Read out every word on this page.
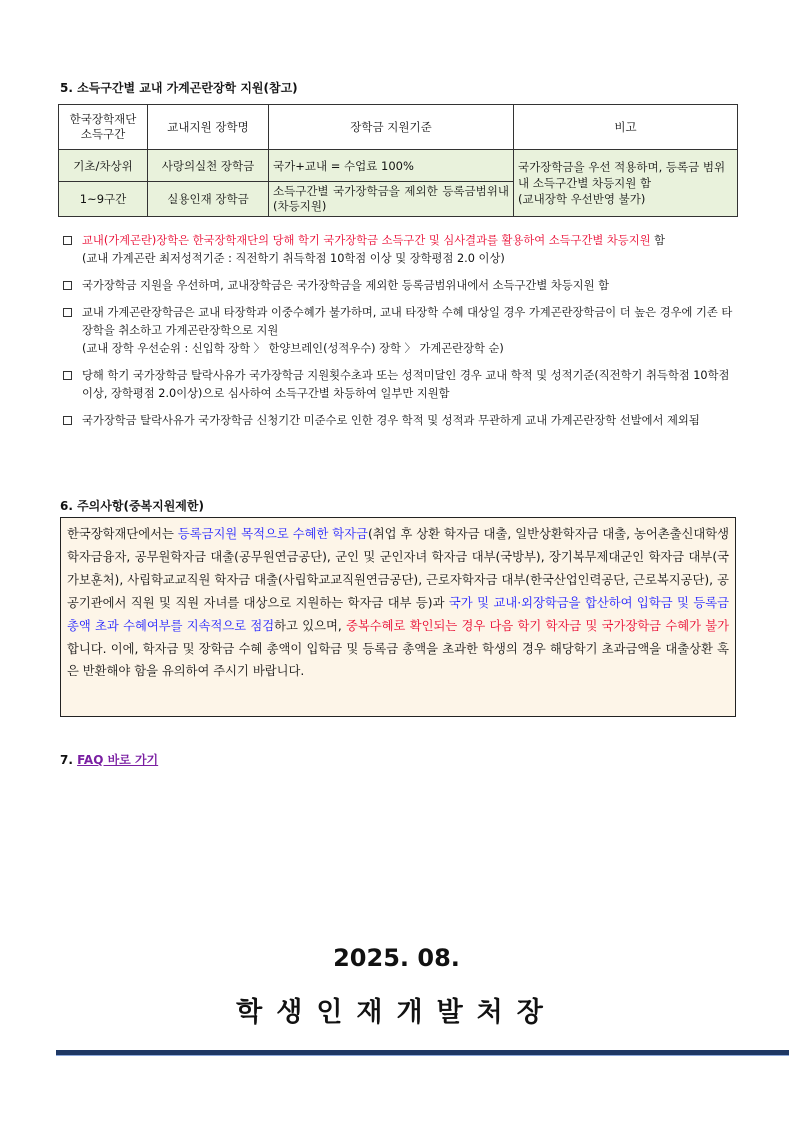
5. 소득구간별 교내 가계곤란장학 지원(참고)
한국장학재단
소득구간	교내지원 장학명	장학금 지원기준	비고
기초/차상위	사랑의실천 장학금	국가+교내 = 수업료 100%	국가장학금을 우선 적용하며, 등록금 범위내 소득구간별 차등지원 함
(교내장학 우선반영 불가)
1~9구간	실용인재 장학금	소득구간별 국가장학금을 제외한 등록금범위내(차등지원)	
교내(가계곤란)장학은 한국장학재단의 당해 학기 국가장학금 소득구간 및 심사결과를 활용하여 소득구간별 차등지원 함
(교내 가계곤란 최저성적기준 : 직전학기 취득학점 10학점 이상 및 장학평점 2.0 이상)
국가장학금 지원을 우선하며, 교내장학금은 국가장학금을 제외한 등록금범위내에서 소득구간별 차등지원 함
교내 가계곤란장학금은 교내 타장학과 이중수혜가 불가하며, 교내 타장학 수혜 대상일 경우 가계곤란장학금이 더 높은 경우에 기존 타장학을 취소하고 가계곤란장학으로 지원
(교내 장학 우선순위 : 신입학 장학 〉 한양브레인(성적우수) 장학 〉 가계곤란장학 순)
당해 학기 국가장학금 탈락사유가 국가장학금 지원횟수초과 또는 성적미달인 경우 교내 학적 및 성적기준(직전학기 취득학점 10학점 이상, 장학평점 2.0이상)으로 심사하여 소득구간별 차등하여 일부만 지원함
국가장학금 탈락사유가 국가장학금 신청기간 미준수로 인한 경우 학적 및 성적과 무관하게 교내 가계곤란장학 선발에서 제외됨
6. 주의사항(중복지원제한)
한국장학재단에서는 등록금지원 목적으로 수혜한 학자금(취업 후 상환 학자금 대출, 일반상환학자금 대출, 농어촌출신대학생학자금융자, 공무원학자금 대출(공무원연금공단), 군인 및 군인자녀 학자금 대부(국방부), 장기복무제대군인 학자금 대부(국가보훈처), 사립학교교직원 학자금 대출(사립학교교직원연금공단), 근로자학자금 대부(한국산업인력공단, 근로복지공단), 공공기관에서 직원 및 직원 자녀를 대상으로 지원하는 학자금 대부 등)과 국가 및 교내·외장학금을 합산하여 입학금 및 등록금 총액 초과 수혜여부를 지속적으로 점검하고 있으며, 중복수혜로 확인되는 경우 다음 학기 학자금 및 국가장학금 수혜가 불가합니다. 이에, 학자금 및 장학금 수혜 총액이 입학금 및 등록금 총액을 초과한 학생의 경우 해당학기 초과금액을 대출상환 혹은 반환해야 함을 유의하여 주시기 바랍니다.
7. FAQ 바로 가기
2025. 08.
학생인재개발처장
